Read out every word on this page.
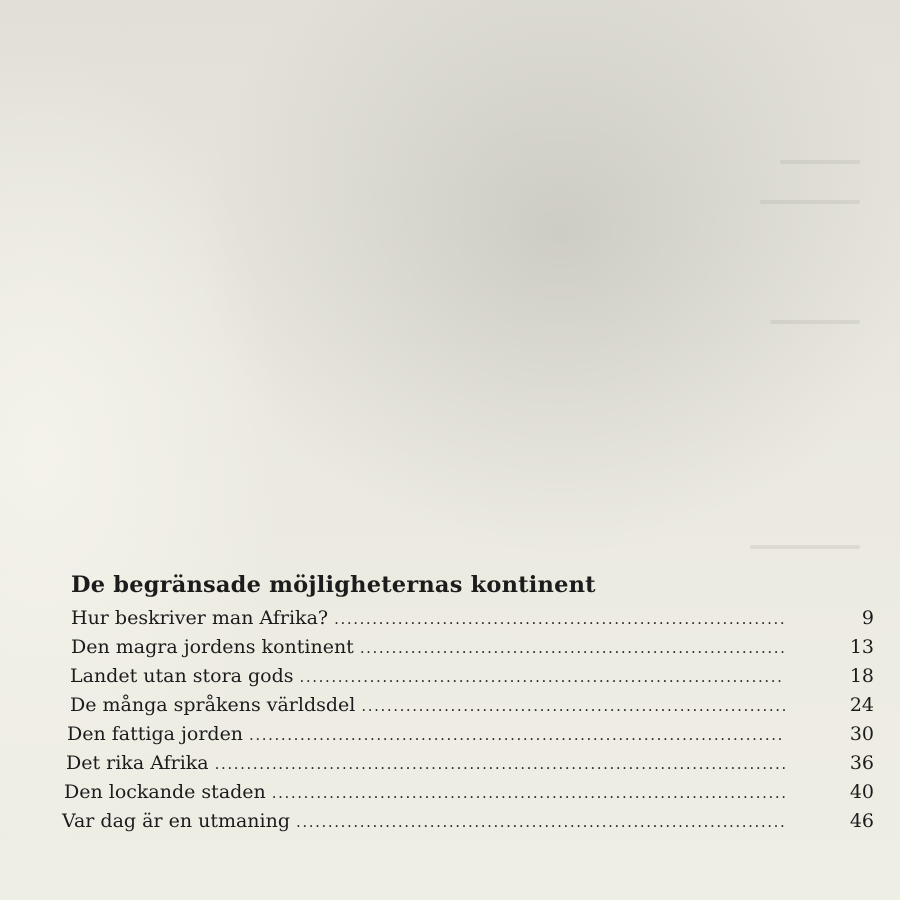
De begränsade möjligheternas kontinent
Hur beskriver man Afrika? .....	9
Den magra jordens kontinent .....	13
Landet utan stora gods .....	18
De många språkens världsdel .....	24
Den fattiga jorden .....	30
Det rika Afrika .....	36
Den lockande staden .....	40
Var dag är en utmaning .....	46
